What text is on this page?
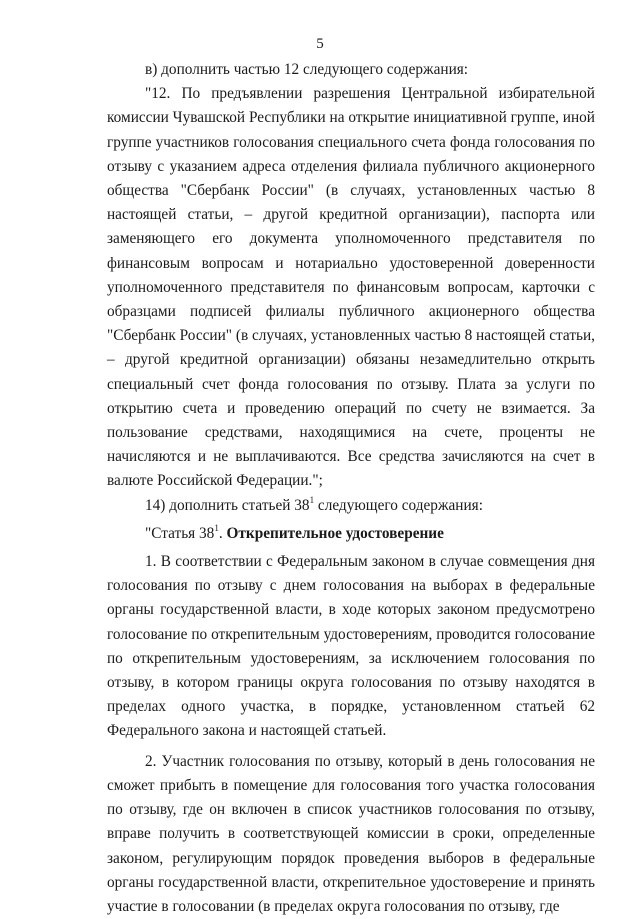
5

в) дополнить частью 12 следующего содержания:

"12. По предъявлении разрешения Центральной избирательной комиссии Чувашской Республики на открытие инициативной группе, иной группе участников голосования специального счета фонда голосования по отзыву с указанием адреса отделения филиала публичного акционерного общества "Сбербанк России" (в случаях, установленных частью 8 настоящей статьи, – другой кредитной организации), паспорта или заменяющего его документа уполномоченного представителя по финансовым вопросам и нотариально удостоверенной доверенности уполномоченного представителя по финансовым вопросам, карточки с образцами подписей филиалы публичного акционерного общества "Сбербанк России" (в случаях, установленных частью 8 настоящей статьи, – другой кредитной организации) обязаны незамедлительно открыть специальный счет фонда голосования по отзыву. Плата за услуги по открытию счета и проведению операций по счету не взимается. За пользование средствами, находящимися на счете, проценты не начисляются и не выплачиваются. Все средства зачисляются на счет в валюте Российской Федерации.";

14) дополнить статьей $38^1$ следующего содержания:

"Статья $38^1$. Открепительное удостоверение

1. В соответствии с Федеральным законом в случае совмещения дня голосования по отзыву с днем голосования на выборах в федеральные органы государственной власти, в ходе которых законом предусмотрено голосование по открепительным удостоверениям, проводится голосование по открепительным удостоверениям, за исключением голосования по отзыву, в котором границы округа голосования по отзыву находятся в пределах одного участка, в порядке, установленном статьей 62 Федерального закона и настоящей статьей.

2. Участник голосования по отзыву, который в день голосования не сможет прибыть в помещение для голосования того участка голосования по отзыву, где он включен в список участников голосования по отзыву, вправе получить в соответствующей комиссии в сроки, определенные законом, регулирующим порядок проведения выборов в федеральные органы государственной власти, открепительное удостоверение и принять участие в голосовании (в пределах округа голосования по отзыву, где
